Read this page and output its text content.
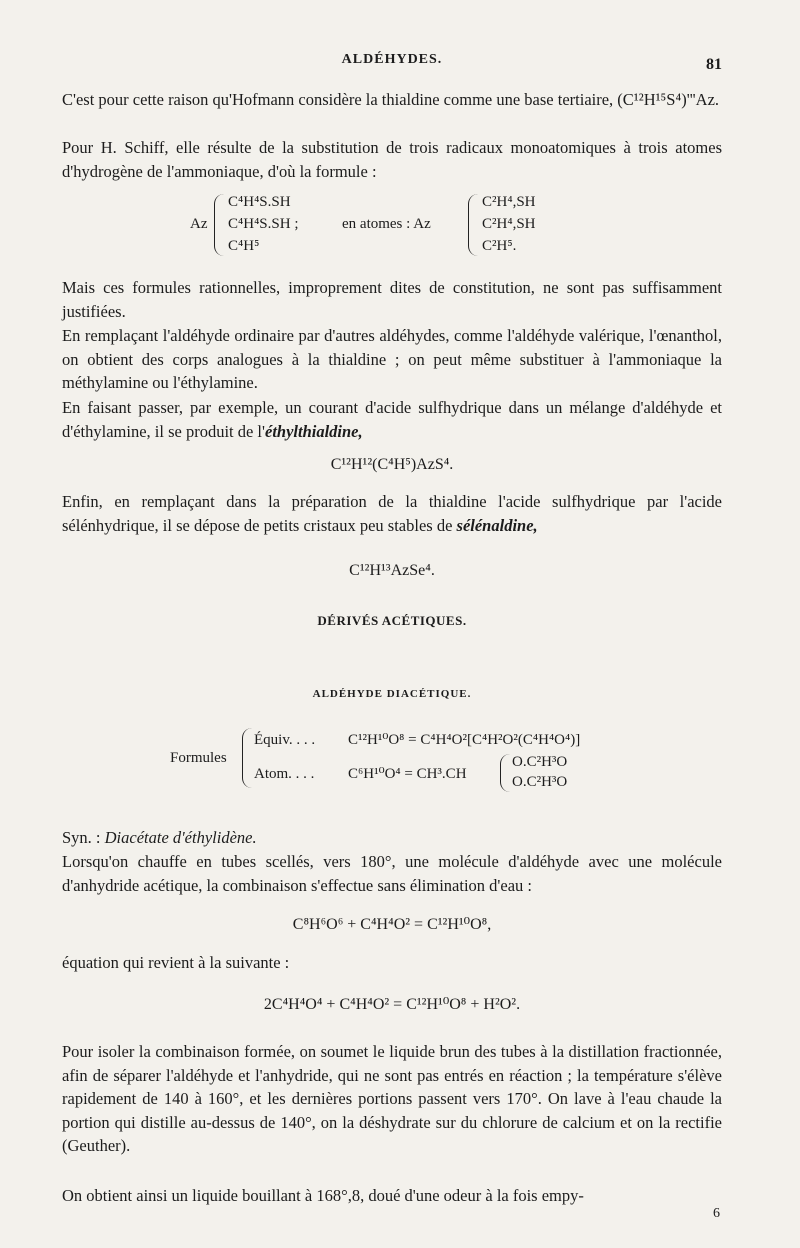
ALDÉHYDES.	81

C'est pour cette raison qu'Hofmann considère la thialdine comme une base tertiaire, (C¹²H¹⁵S⁴)'''Az.

Pour H. Schiff, elle résulte de la substitution de trois radicaux monoatomiques à trois atomes d'hydrogène de l'ammoniaque, d'où la formule :

Az
C⁴H⁴S.SH
C⁴H⁴S.SH ;
C⁴H⁵
en atomes : Az
C²H⁴,SH
C²H⁴,SH
C²H⁵.

Mais ces formules rationnelles, improprement dites de constitution, ne sont pas suffisamment justifiées.

En remplaçant l'aldéhyde ordinaire par d'autres aldéhydes, comme l'aldéhyde valérique, l'œnanthol, on obtient des corps analogues à la thialdine ; on peut même substituer à l'ammoniaque la méthylamine ou l'éthylamine.

En faisant passer, par exemple, un courant d'acide sulfhydrique dans un mélange d'aldéhyde et d'éthylamine, il se produit de l'éthylthialdine,

C¹²H¹²(C⁴H⁵)AzS⁴.

Enfin, en remplaçant dans la préparation de la thialdine l'acide sulfhydrique par l'acide sélénhydrique, il se dépose de petits cristaux peu stables de sélénaldine,

C¹²H¹³AzSe⁴.
DÉRIVÉS ACÉTIQUES.
ALDÉHYDE DIACÉTIQUE.
Formules
Équiv. . . . C¹²H¹⁰O⁸ = C⁴H⁴O²[C⁴H²O²(C⁴H⁴O⁴)]
Atom. . . . C⁶H¹⁰O⁴ = CH³.CH
O.C²H³O
O.C²H³O

Syn. : Diacétate d'éthylidène.

Lorsqu'on chauffe en tubes scellés, vers 180°, une molécule d'aldéhyde avec une molécule d'anhydride acétique, la combinaison s'effectue sans élimination d'eau :

C⁸H⁶O⁶ + C⁴H⁴O² = C¹²H¹⁰O⁸,

équation qui revient à la suivante :

2C⁴H⁴O⁴ + C⁴H⁴O² = C¹²H¹⁰O⁸ + H²O².

Pour isoler la combinaison formée, on soumet le liquide brun des tubes à la distillation fractionnée, afin de séparer l'aldéhyde et l'anhydride, qui ne sont pas entrés en réaction ; la température s'élève rapidement de 140 à 160°, et les dernières portions passent vers 170°. On lave à l'eau chaude la portion qui distille au-dessus de 140°, on la déshydrate sur du chlorure de calcium et on la rectifie (Geuther).

On obtient ainsi un liquide bouillant à 168°,8, doué d'une odeur à la fois empy-

6
